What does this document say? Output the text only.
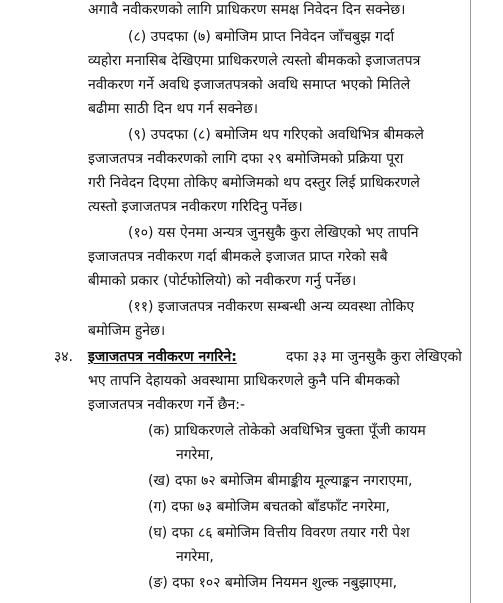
अगावै नवीकरणको लागि प्राधिकरण समक्ष निवेदन दिन सक्नेछ।
(८) उपदफा (७) बमोजिम प्राप्त निवेदन जाँचबुझ गर्दा
व्यहोरा मनासिब देखिएमा प्राधिकरणले त्यस्तो बीमकको इजाजतपत्र
नवीकरण गर्ने अवधि इजाजतपत्रको अवधि समाप्त भएको मितिले
बढीमा साठी दिन थप गर्न सक्नेछ।
(९) उपदफा (८) बमोजिम थप गरिएको अवधिभित्र बीमकले
इजाजतपत्र नवीकरणको लागि दफा २९ बमोजिमको प्रक्रिया पूरा
गरी निवेदन दिएमा तोकिए बमोजिमको थप दस्तुर लिई प्राधिकरणले
त्यस्तो इजाजतपत्र नवीकरण गरिदिनु पर्नेछ।
(१०) यस ऐनमा अन्यत्र जुनसुकै कुरा लेखिएको भए तापनि
इजाजतपत्र नवीकरण गर्दा बीमकले इजाजत प्राप्त गरेको सबै
बीमाको प्रकार (पोर्टफोलियो) को नवीकरण गर्नु पर्नेछ।
(११) इजाजतपत्र नवीकरण सम्बन्धी अन्य व्यवस्था तोकिए
बमोजिम हुनेछ।
३४. इजाजतपत्र नवीकरण नगरिने:	दफा ३३ मा जुनसुकै कुरा लेखिएको
भए तापनि देहायको अवस्थामा प्राधिकरणले कुनै पनि बीमकको
इजाजतपत्र नवीकरण गर्ने छैन:-
(क) प्राधिकरणले तोकेको अवधिभित्र चुक्ता पूँजी कायम
नगरेमा,
(ख) दफा ७२ बमोजिम बीमाङ्कीय मूल्याङ्कन नगराएमा,
(ग) दफा ७३ बमोजिम बचतको बाँडफाँट नगरेमा,
(घ) दफा ८६ बमोजिम वित्तीय विवरण तयार गरी पेश
नगरेमा,
(ङ) दफा १०२ बमोजिम नियमन शुल्क नबुझाएमा,
